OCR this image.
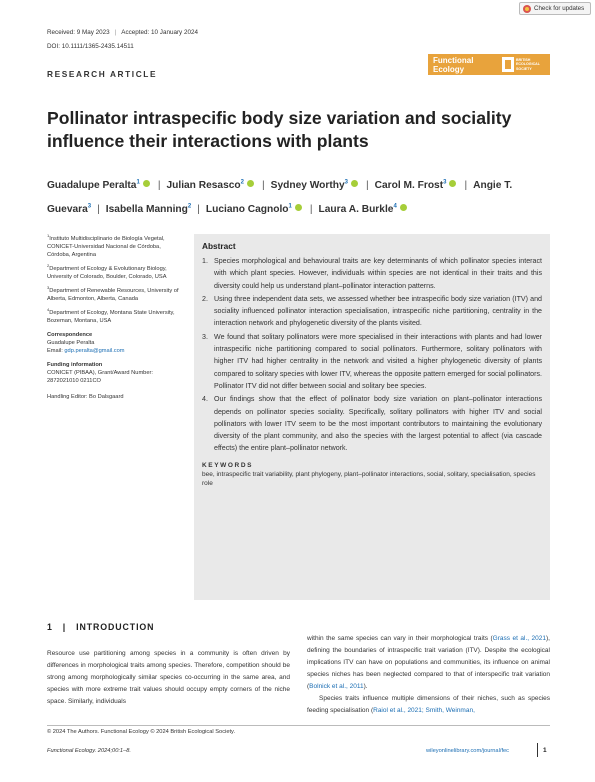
Check for updates
Received: 9 May 2023 | Accepted: 10 January 2024
DOI: 10.1111/1365-2435.14511
Functional Ecology
BRITISH
ECOLOGICAL
SOCIETY
RESEARCH ARTICLE
Pollinator intraspecific body size variation and sociality influence their interactions with plants
Guadalupe Peralta$^1$ | Julian Resasco$^2$ | Sydney Worthy$^3$ | Carol M. Frost$^3$ | Angie T. Guevara$^3$ | Isabella Manning$^2$ | Luciano Cagnolo$^1$ | Laura A. Burkle$^4$
$^1$Instituto Multidisciplinario de Biología Vegetal, CONICET-Universidad Nacional de Córdoba, Córdoba, Argentina
$^2$Department of Ecology & Evolutionary Biology, University of Colorado, Boulder, Colorado, USA
$^3$Department of Renewable Resources, University of Alberta, Edmonton, Alberta, Canada
$^4$Department of Ecology, Montana State University, Bozeman, Montana, USA
Correspondence
Guadalupe Peralta
Email: gdp.peralta@gmail.com
Funding information
CONICET (PIBAA), Grant/Award Number: 2872021010 0211CO
Handling Editor: Bo Dalsgaard
Abstract
1. Species morphological and behavioural traits are key determinants of which pollinator species interact with which plant species. However, individuals within species are not identical in their traits and this diversity could help us understand plant–pollinator interaction patterns.
2. Using three independent data sets, we assessed whether bee intraspecific body size variation (ITV) and sociality influenced pollinator interaction specialisation, intraspecific niche partitioning, centrality in the interaction network and phylogenetic diversity of the plants visited.
3. We found that solitary pollinators were more specialised in their interactions with plants and had lower intraspecific niche partitioning compared to social pollinators. Furthermore, solitary pollinators with higher ITV had higher centrality in the network and visited a higher phylogenetic diversity of plants compared to solitary species with lower ITV, whereas the opposite pattern emerged for social pollinators. Pollinator ITV did not differ between social and solitary bee species.
4. Our findings show that the effect of pollinator body size variation on plant–pollinator interactions depends on pollinator species sociality. Specifically, solitary pollinators with higher ITV and social pollinators with lower ITV seem to be the most important contributors to maintaining the evolutionary diversity of the plant community, and also the species with the largest potential to affect (via cascade effects) the entire plant–pollinator network.
KEYWORDS
bee, intraspecific trait variability, plant phylogeny, plant–pollinator interactions, social, solitary, specialisation, species role
1 | INTRODUCTION
Resource use partitioning among species in a community is often driven by differences in morphological traits among species. Therefore, competition should be strong among morphologically similar species co-occurring in the same area, and species with more extreme trait values should occupy empty corners of the niche space. Similarly, individuals

within the same species can vary in their morphological traits (Grass et al., 2021), defining the boundaries of intraspecific trait variation (ITV). Despite the ecological implications ITV can have on populations and communities, its influence on animal species niches has been neglected compared to that of interspecific trait variation (Bolnick et al., 2011).

Species traits influence multiple dimensions of their niches, such as species feeding specialisation (Raiol et al., 2021; Smith, Weinman,

© 2024 The Authors. Functional Ecology © 2024 British Ecological Society.
Functional Ecology. 2024;00:1–8.	wileyonlinelibrary.com/journal/fec	1
